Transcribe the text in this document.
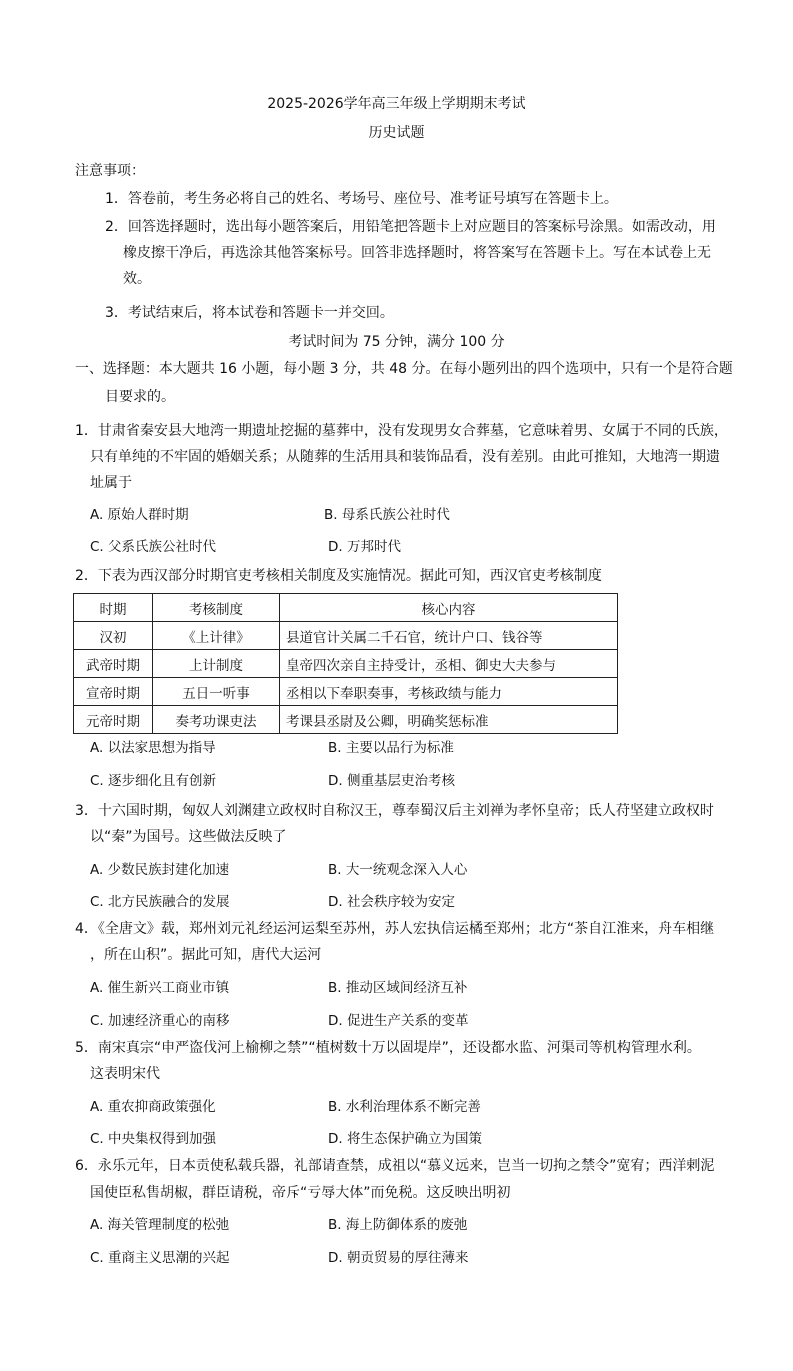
2025-2026学年高三年级上学期期末考试
历史试题
注意事项：
1．答卷前，考生务必将自己的姓名、考场号、座位号、准考证号填写在答题卡上。
2．回答选择题时，选出每小题答案后，用铅笔把答题卡上对应题目的答案标号涂黑。如需改动，用
橡皮擦干净后，再选涂其他答案标号。回答非选择题时，将答案写在答题卡上。写在本试卷上无
效。
3．考试结束后，将本试卷和答题卡一并交回。
考试时间为 75 分钟，满分 100 分
一、选择题：本大题共 16 小题，每小题 3 分，共 48 分。在每小题列出的四个选项中，只有一个是符合题
目要求的。
1．甘肃省秦安县大地湾一期遗址挖掘的墓葬中，没有发现男女合葬墓，它意味着男、女属于不同的氏族，
只有单纯的不牢固的婚姻关系；从随葬的生活用具和装饰品看，没有差别。由此可推知，大地湾一期遗
址属于
A. 原始人群时期	B. 母系氏族公社时代
C. 父系氏族公社时代	D. 万邦时代
2．下表为西汉部分时期官吏考核相关制度及实施情况。据此可知，西汉官吏考核制度
时期	考核制度	核心内容
汉初	《上计律》	县道官计关属二千石官，统计户口、钱谷等
武帝时期	上计制度	皇帝四次亲自主持受计，丞相、御史大夫参与
宣帝时期	五日一听事	丞相以下奉职奏事，考核政绩与能力
元帝时期	奏考功课吏法	考课县丞尉及公卿，明确奖惩标准
A. 以法家思想为指导	B. 主要以品行为标准
C. 逐步细化且有创新	D. 侧重基层吏治考核
3．十六国时期，匈奴人刘渊建立政权时自称汉王，尊奉蜀汉后主刘禅为孝怀皇帝；氐人苻坚建立政权时
以“秦”为国号。这些做法反映了
A. 少数民族封建化加速	B. 大一统观念深入人心
C. 北方民族融合的发展	D. 社会秩序较为安定
4．《全唐文》载，郑州刘元礼经运河运梨至苏州，苏人宏执信运橘至郑州；北方“茶自江淮来，舟车相继
，所在山积”。据此可知，唐代大运河
A. 催生新兴工商业市镇	B. 推动区域间经济互补
C. 加速经济重心的南移	D. 促进生产关系的变革
5．南宋真宗“申严盗伐河上榆柳之禁”“植树数十万以固堤岸”，还设都水监、河渠司等机构管理水利。
这表明宋代
A. 重农抑商政策强化	B. 水利治理体系不断完善
C. 中央集权得到加强	D. 将生态保护确立为国策
6．永乐元年，日本贡使私载兵器，礼部请查禁，成祖以“慕义远来，岂当一切拘之禁令”宽宥；西洋剌泥
国使臣私售胡椒，群臣请税，帝斥“亏辱大体”而免税。这反映出明初
A. 海关管理制度的松弛	B. 海上防御体系的废弛
C. 重商主义思潮的兴起	D. 朝贡贸易的厚往薄来
